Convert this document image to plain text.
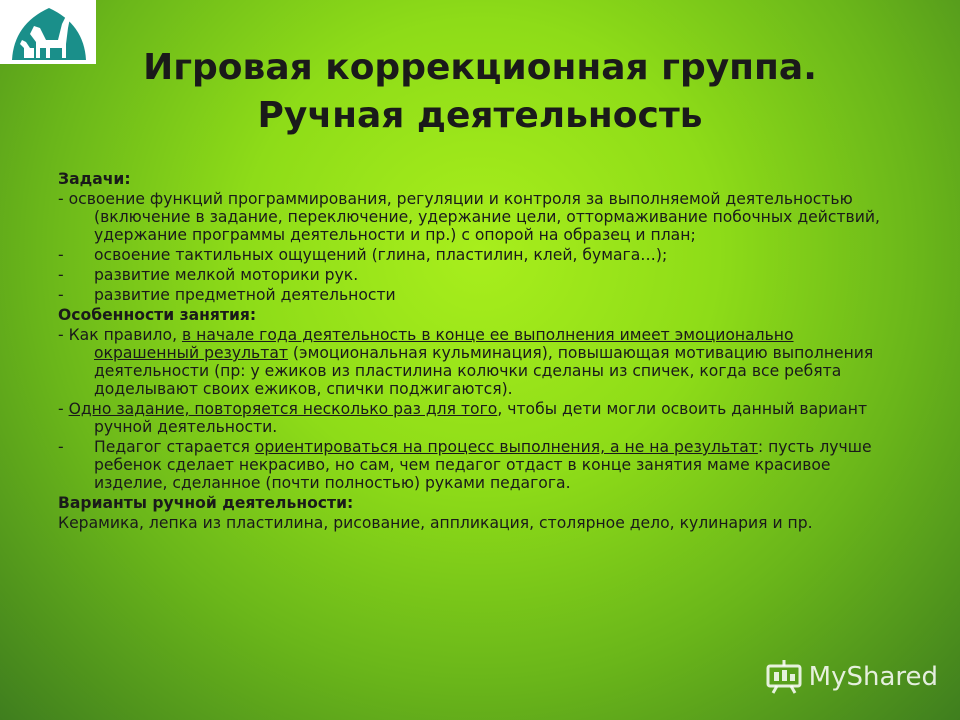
Игровая коррекционная группа.
Ручная деятельность
Задачи:
- освоение функций программирования, регуляции и контроля за выполняемой деятельностью (включение в задание, переключение, удержание цели, оттормаживание побочных действий, удержание программы деятельности и пр.) с опорой на образец и план;
-	освоение тактильных ощущений (глина, пластилин, клей, бумага…);
-	развитие мелкой моторики рук.
-	развитие предметной деятельности
Особенности занятия:
- Как правило, в начале года деятельность в конце ее выполнения имеет эмоционально окрашенный результат (эмоциональная кульминация), повышающая мотивацию выполнения деятельности (пр: у ежиков из пластилина колючки сделаны из спичек, когда все ребята доделывают своих ежиков, спички поджигаются).
- Одно задание, повторяется несколько раз для того, чтобы дети могли освоить данный вариант ручной деятельности.
-	Педагог старается ориентироваться на процесс выполнения, а не на результат: пусть лучше ребенок сделает некрасиво, но сам, чем педагог отдаст в конце занятия маме красивое изделие, сделанное (почти полностью) руками педагога.
Варианты ручной деятельности:
Керамика, лепка из пластилина, рисование, аппликация, столярное дело, кулинария и пр.
MyShared
